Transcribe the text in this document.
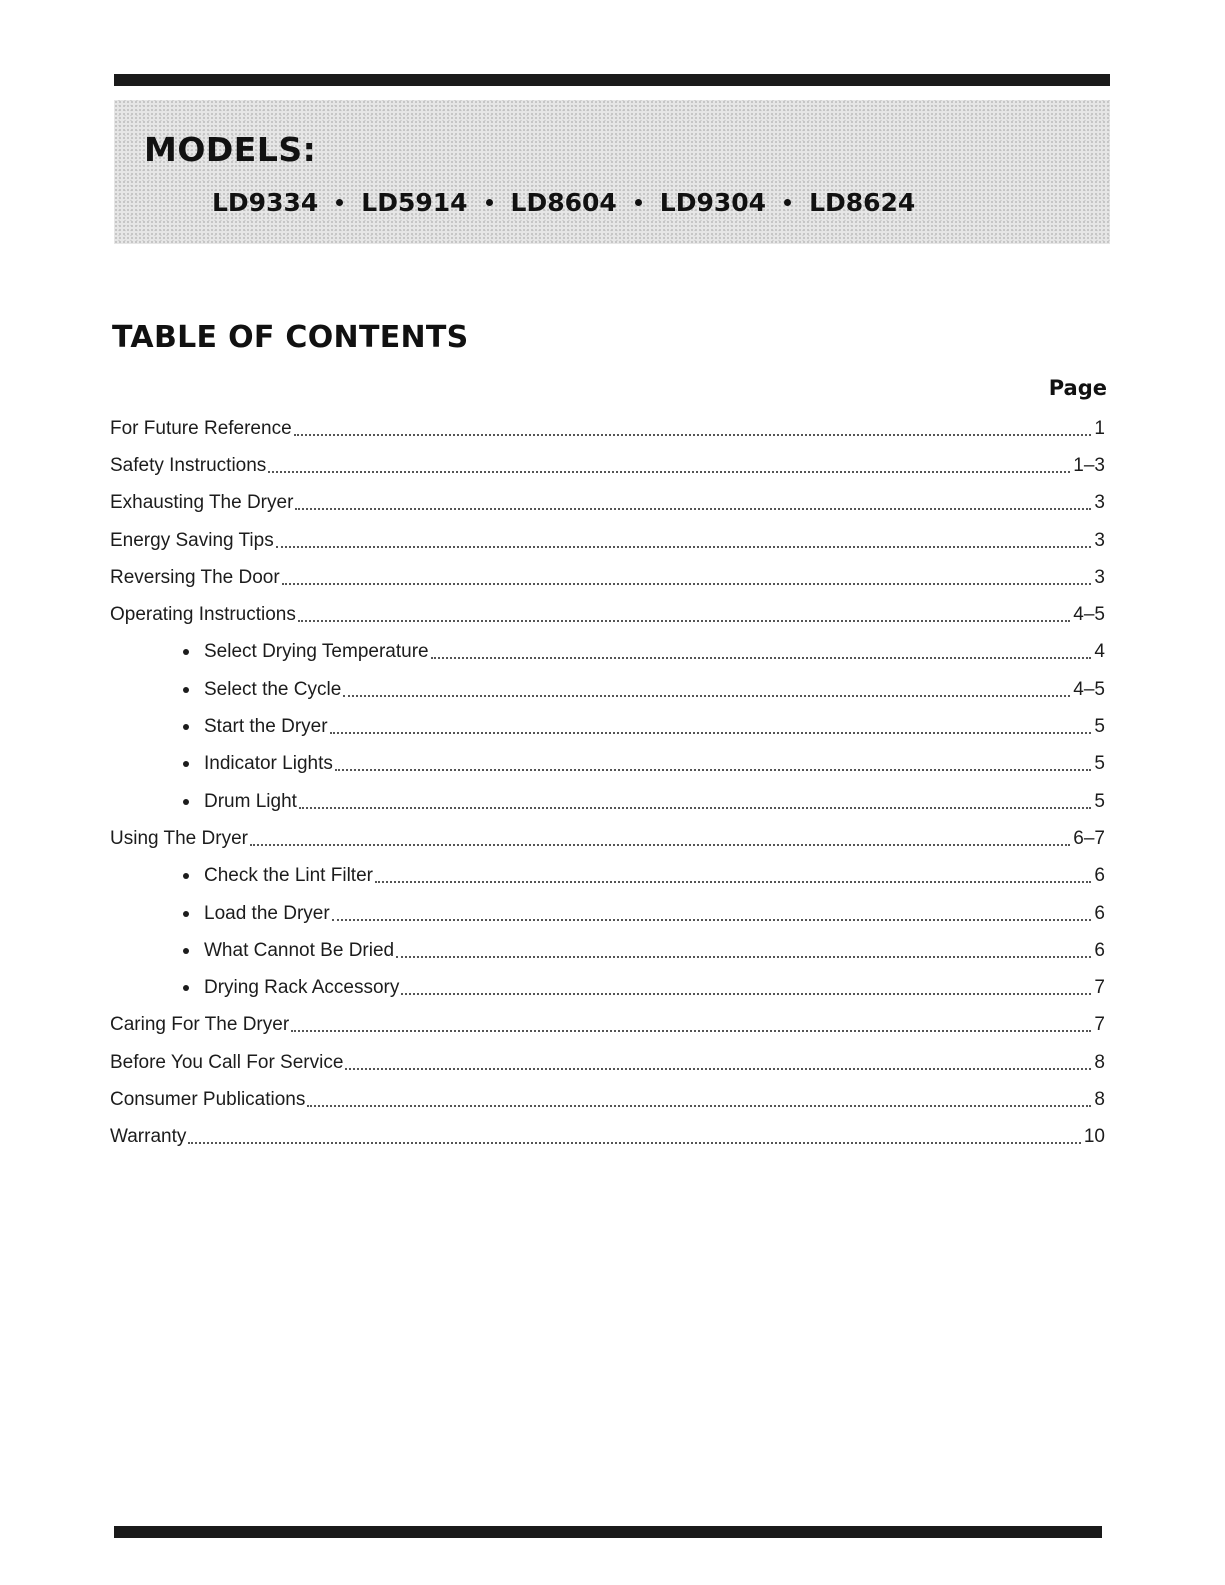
MODELS:
LD9334 LD5914 LD8604 LD9304 LD8624
TABLE OF CONTENTS
Page
For Future Reference	1
Safety Instructions	1–3
Exhausting The Dryer	3
Energy Saving Tips	3
Reversing The Door	3
Operating Instructions	4–5
Select Drying Temperature	4
Select the Cycle	4–5
Start the Dryer	5
Indicator Lights	5
Drum Light	5
Using The Dryer	6–7
Check the Lint Filter	6
Load the Dryer	6
What Cannot Be Dried	6
Drying Rack Accessory	7
Caring For The Dryer	7
Before You Call For Service	8
Consumer Publications	8
Warranty	10
